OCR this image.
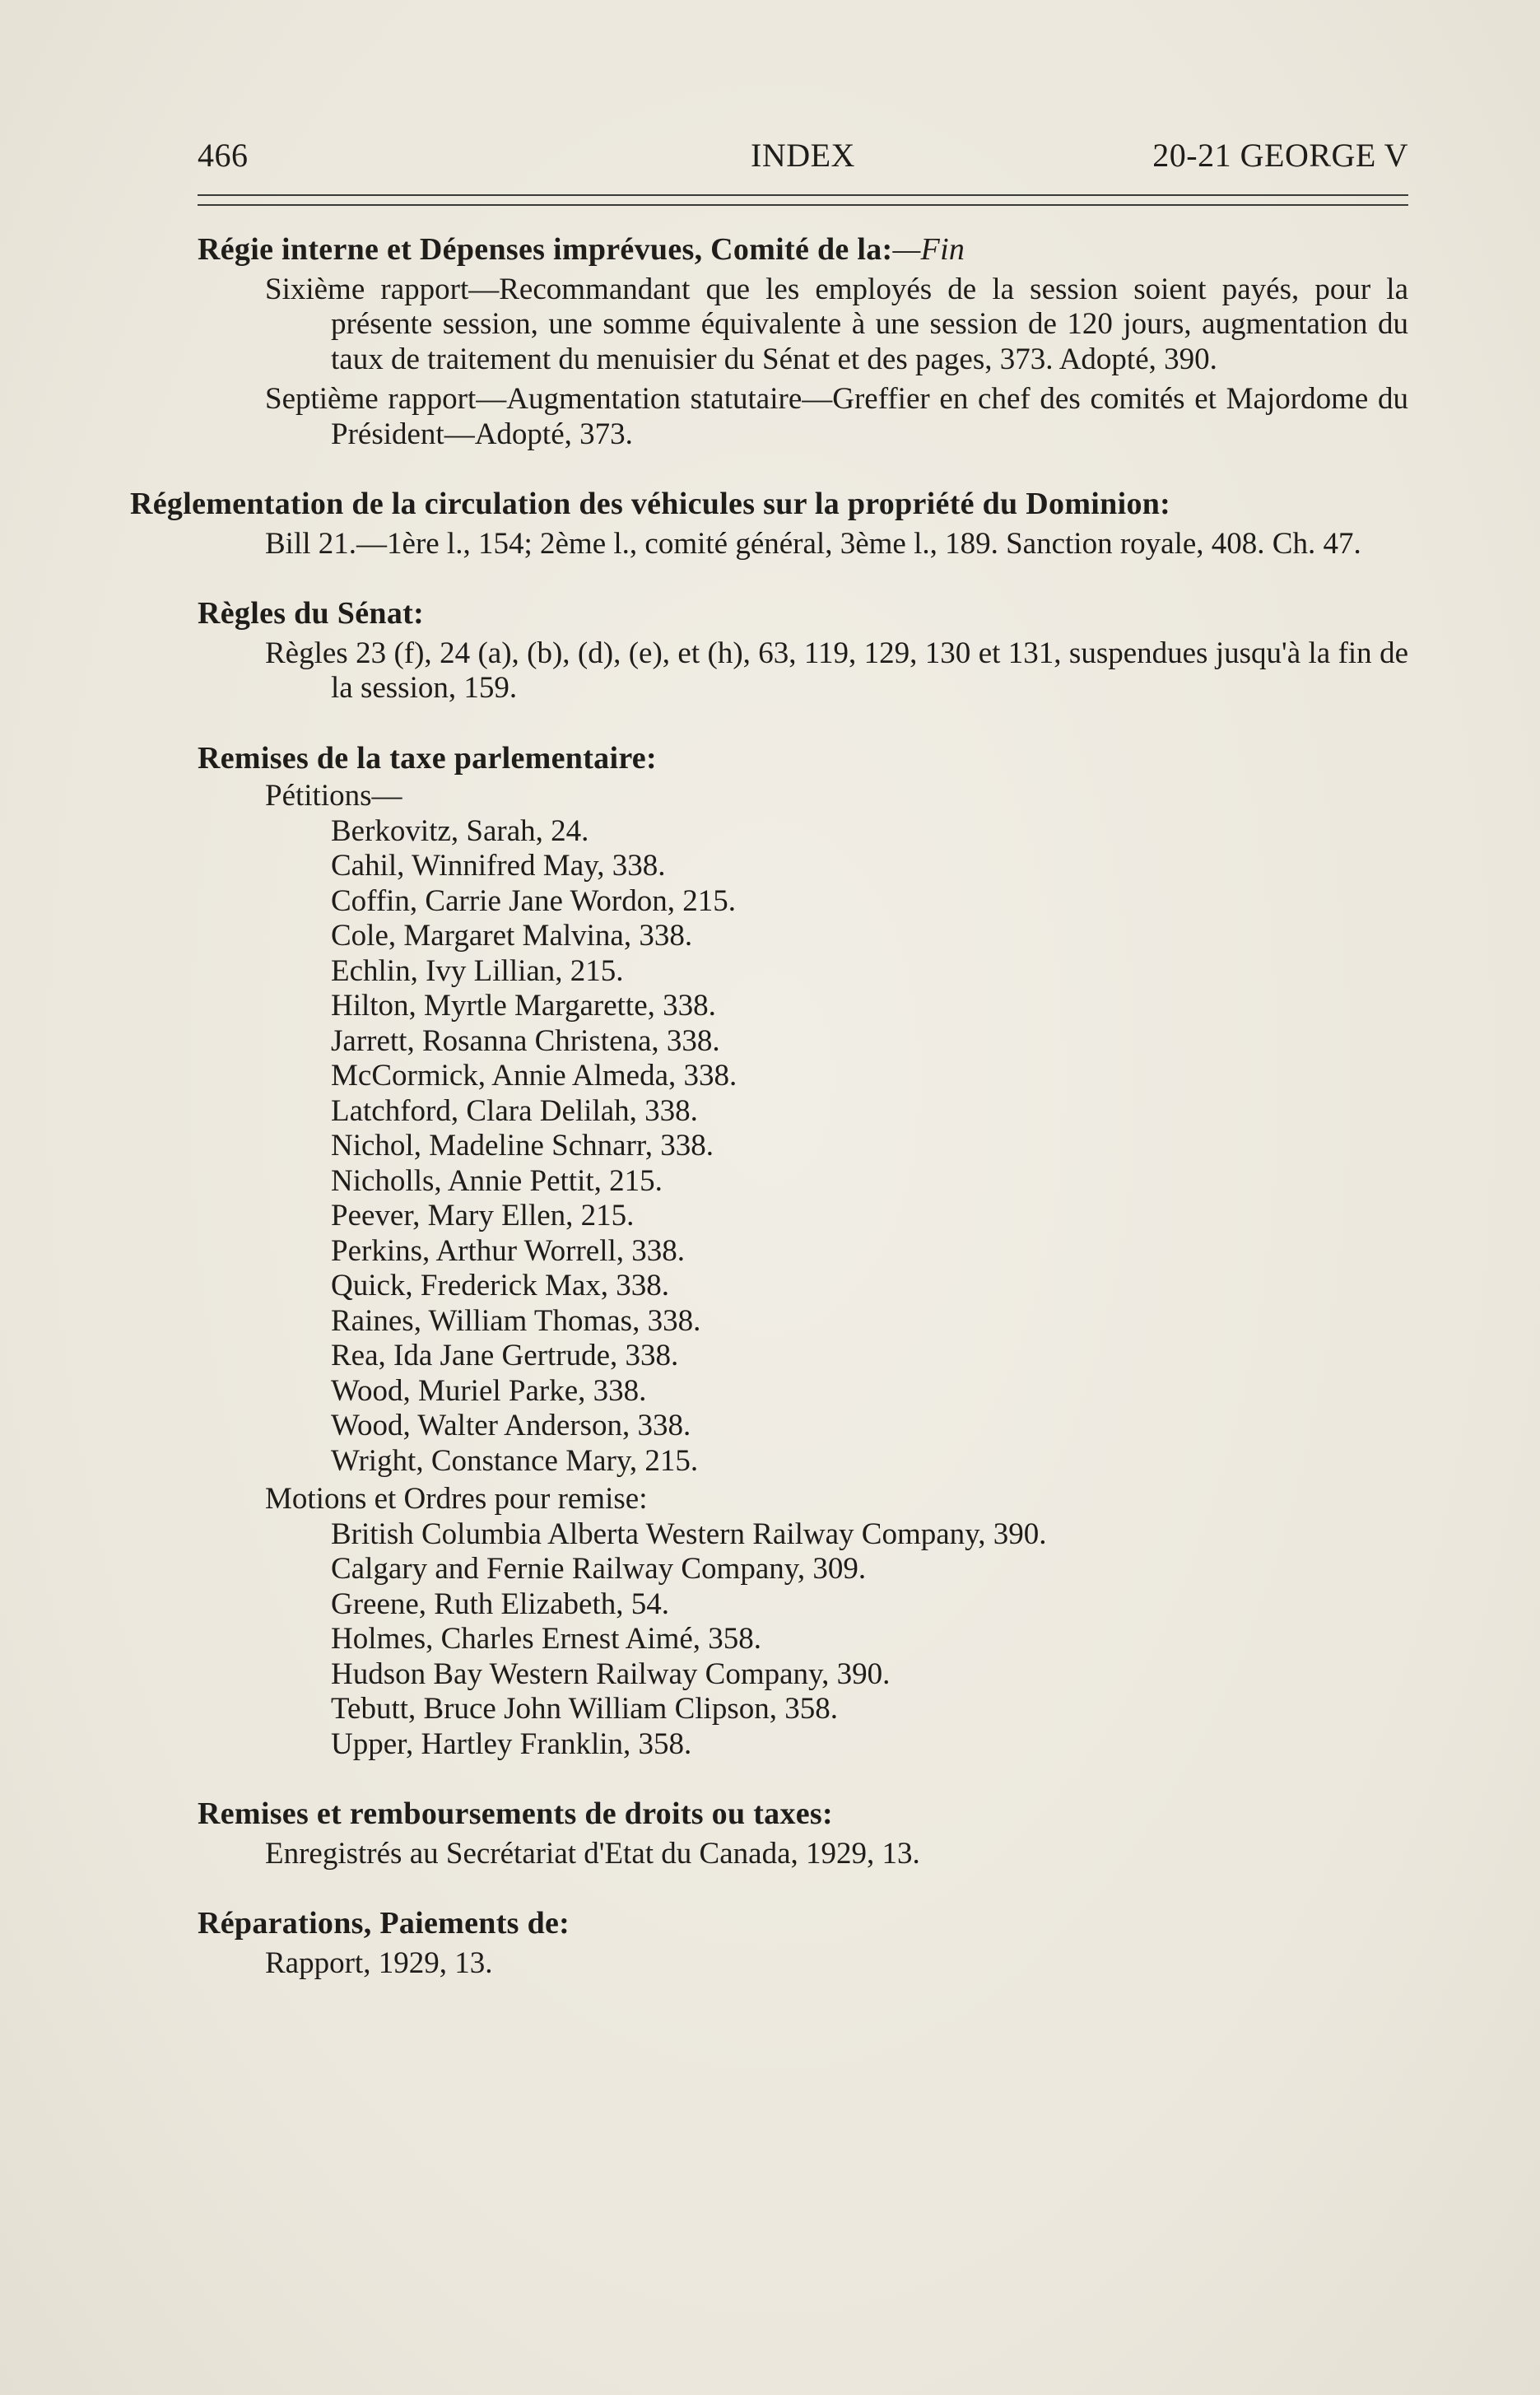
INDEX
466	20-21 GEORGE V
Régie interne et Dépenses imprévues, Comité de la:—Fin
Sixième rapport—Recommandant que les employés de la session soient payés, pour la présente session, une somme équivalente à une session de 120 jours, augmentation du taux de traitement du menuisier du Sénat et des pages, 373. Adopté, 390.
Septième rapport—Augmentation statutaire—Greffier en chef des comités et Majordome du Président—Adopté, 373.
Réglementation de la circulation des véhicules sur la propriété du Dominion:
Bill 21.—1ère l., 154; 2ème l., comité général, 3ème l., 189. Sanction royale, 408. Ch. 47.
Règles du Sénat:
Règles 23 (f), 24 (a), (b), (d), (e), et (h), 63, 119, 129, 130 et 131, suspendues jusqu'à la fin de la session, 159.
Remises de la taxe parlementaire:
Pétitions—
Berkovitz, Sarah, 24.
Cahil, Winnifred May, 338.
Coffin, Carrie Jane Wordon, 215.
Cole, Margaret Malvina, 338.
Echlin, Ivy Lillian, 215.
Hilton, Myrtle Margarette, 338.
Jarrett, Rosanna Christena, 338.
McCormick, Annie Almeda, 338.
Latchford, Clara Delilah, 338.
Nichol, Madeline Schnarr, 338.
Nicholls, Annie Pettit, 215.
Peever, Mary Ellen, 215.
Perkins, Arthur Worrell, 338.
Quick, Frederick Max, 338.
Raines, William Thomas, 338.
Rea, Ida Jane Gertrude, 338.
Wood, Muriel Parke, 338.
Wood, Walter Anderson, 338.
Wright, Constance Mary, 215.
Motions et Ordres pour remise:
British Columbia Alberta Western Railway Company, 390.
Calgary and Fernie Railway Company, 309.
Greene, Ruth Elizabeth, 54.
Holmes, Charles Ernest Aimé, 358.
Hudson Bay Western Railway Company, 390.
Tebutt, Bruce John William Clipson, 358.
Upper, Hartley Franklin, 358.
Remises et remboursements de droits ou taxes:
Enregistrés au Secrétariat d'Etat du Canada, 1929, 13.
Réparations, Paiements de:
Rapport, 1929, 13.
